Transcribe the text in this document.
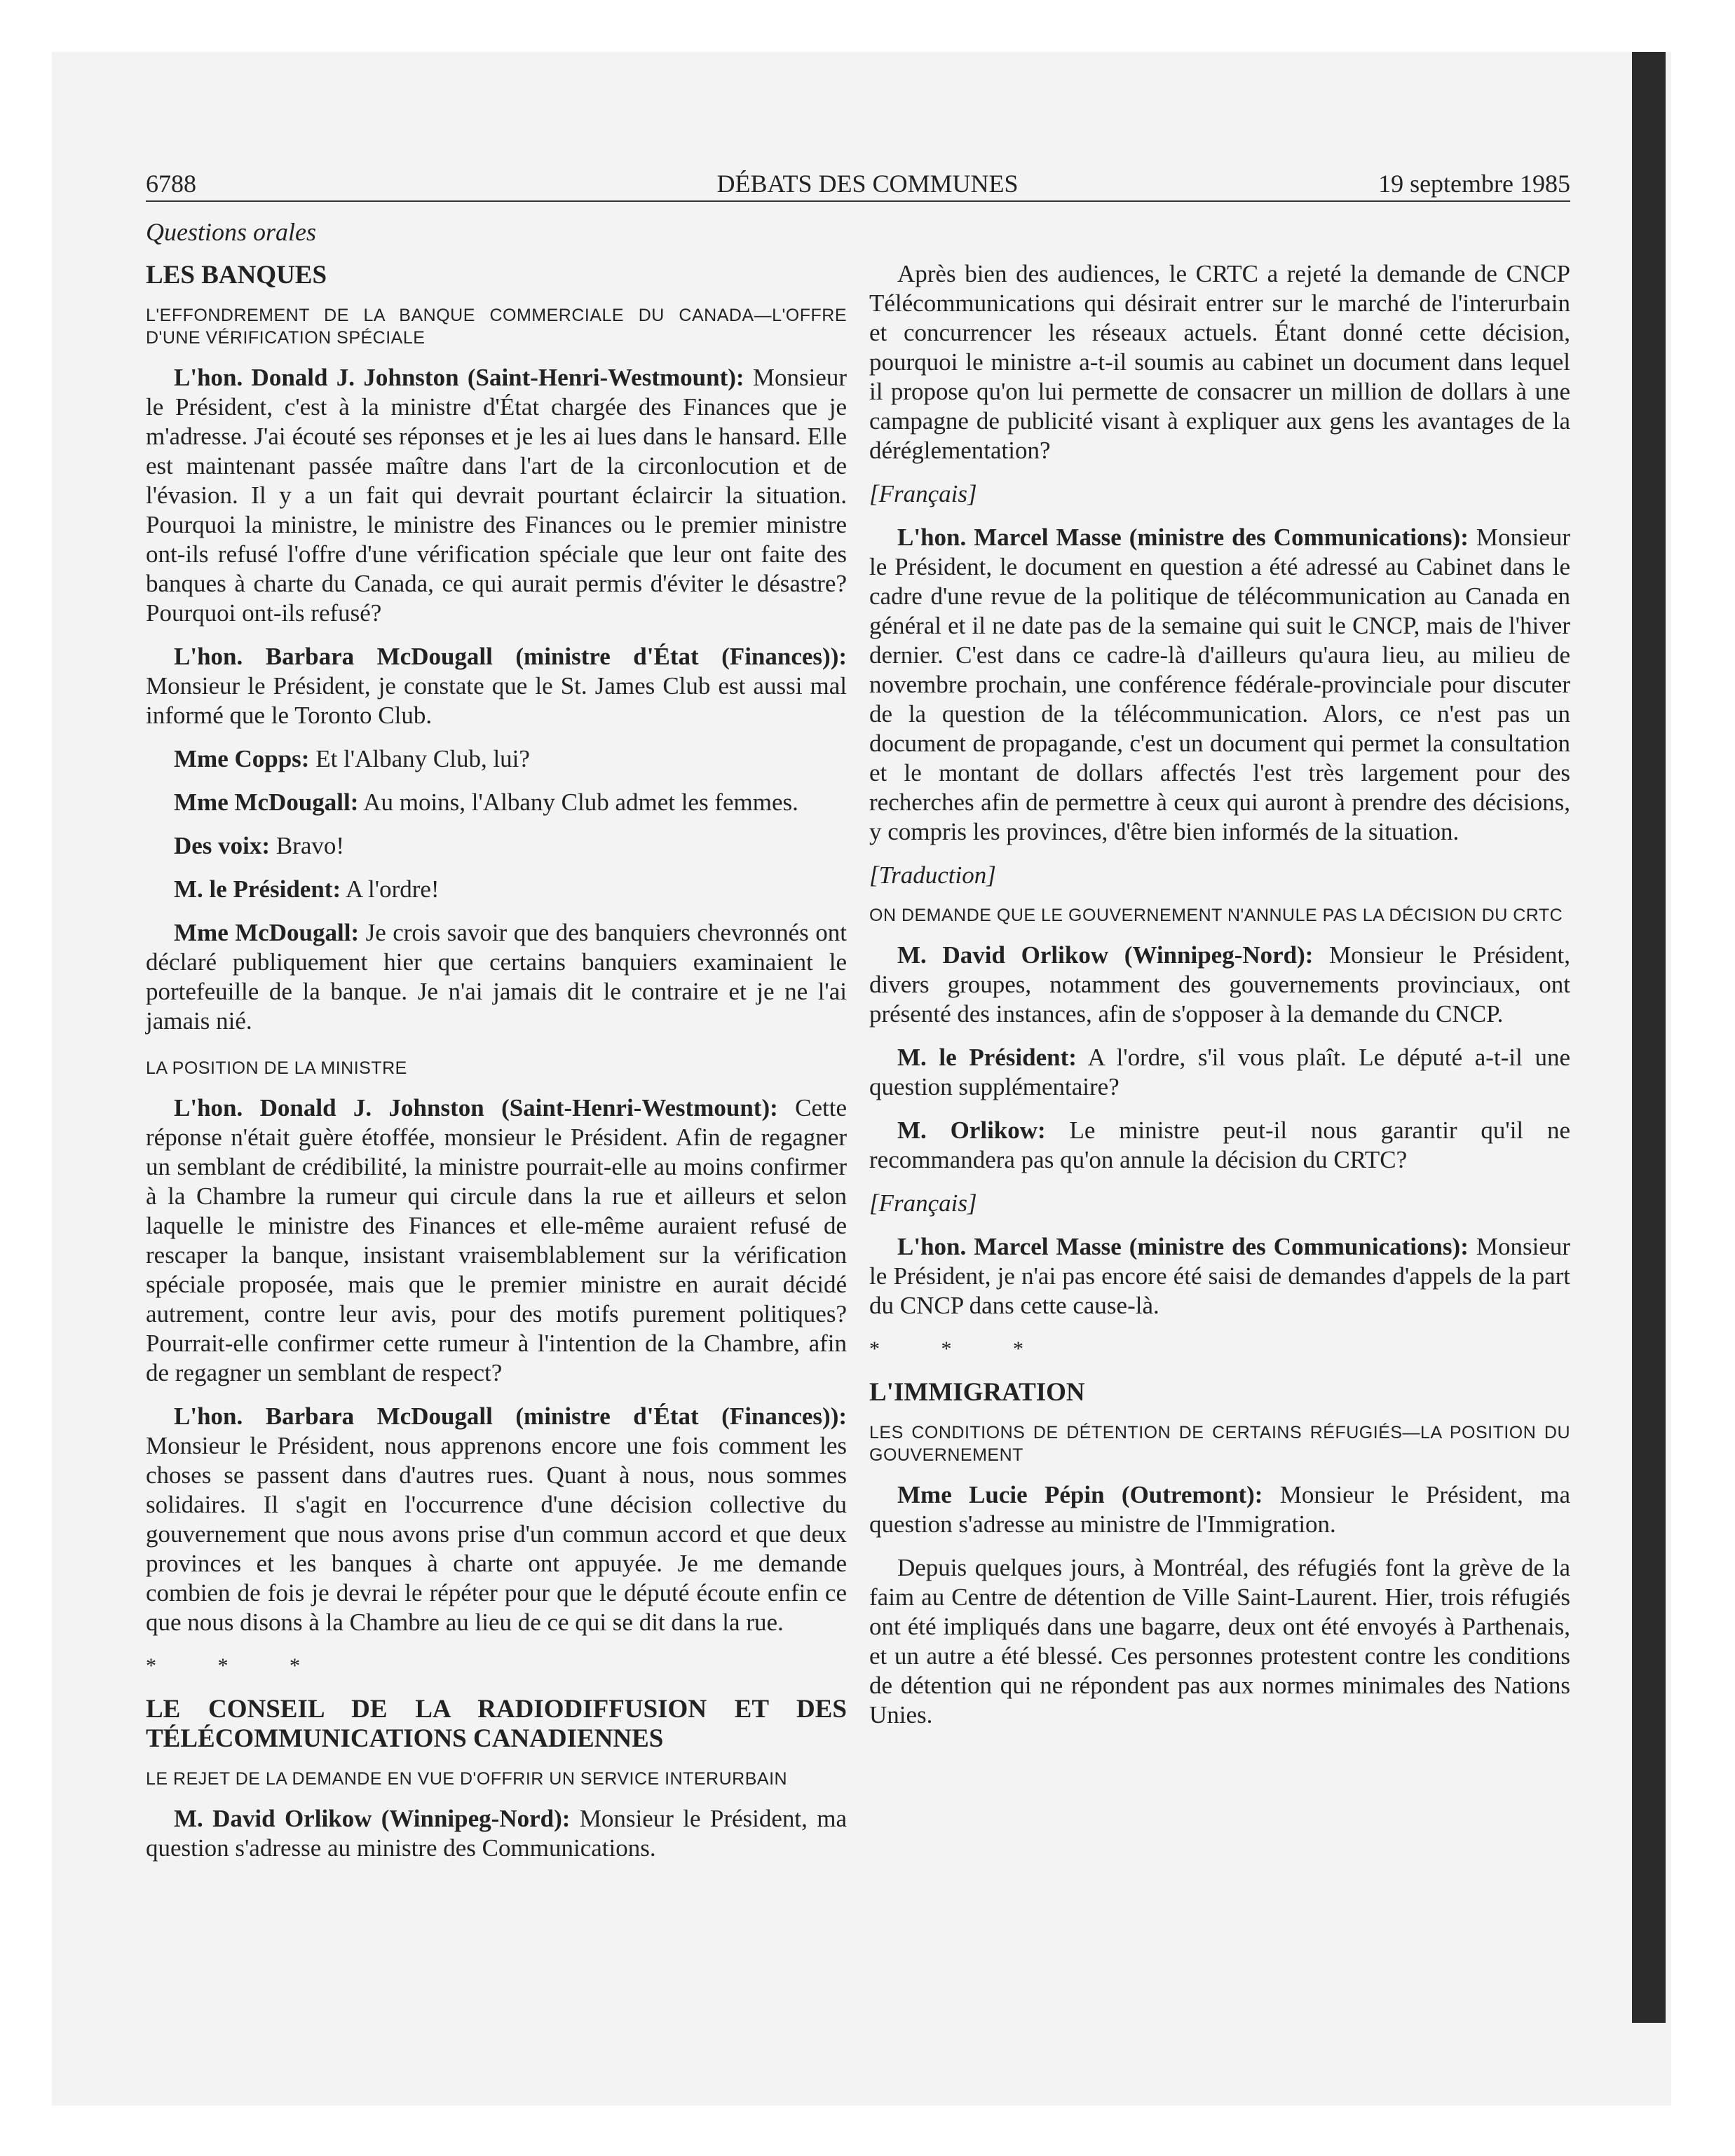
6788	DÉBATS DES COMMUNES	19 septembre 1985

Questions orales

LES BANQUES

L'EFFONDREMENT DE LA BANQUE COMMERCIALE DU CANADA—L'OFFRE D'UNE VÉRIFICATION SPÉCIALE

L'hon. Donald J. Johnston (Saint-Henri-Westmount): Monsieur le Président, c'est à la ministre d'État chargée des Finances que je m'adresse. J'ai écouté ses réponses et je les ai lues dans le hansard. Elle est maintenant passée maître dans l'art de la circonlocution et de l'évasion. Il y a un fait qui devrait pourtant éclaircir la situation. Pourquoi la ministre, le ministre des Finances ou le premier ministre ont-ils refusé l'offre d'une vérification spéciale que leur ont faite des banques à charte du Canada, ce qui aurait permis d'éviter le désastre? Pourquoi ont-ils refusé?

L'hon. Barbara McDougall (ministre d'État (Finances)): Monsieur le Président, je constate que le St. James Club est aussi mal informé que le Toronto Club.

Mme Copps: Et l'Albany Club, lui?

Mme McDougall: Au moins, l'Albany Club admet les femmes.

Des voix: Bravo!

M. le Président: A l'ordre!

Mme McDougall: Je crois savoir que des banquiers chevronnés ont déclaré publiquement hier que certains banquiers examinaient le portefeuille de la banque. Je n'ai jamais dit le contraire et je ne l'ai jamais nié.

LA POSITION DE LA MINISTRE

L'hon. Donald J. Johnston (Saint-Henri-Westmount): Cette réponse n'était guère étoffée, monsieur le Président. Afin de regagner un semblant de crédibilité, la ministre pourrait-elle au moins confirmer à la Chambre la rumeur qui circule dans la rue et ailleurs et selon laquelle le ministre des Finances et elle-même auraient refusé de rescaper la banque, insistant vraisemblablement sur la vérification spéciale proposée, mais que le premier ministre en aurait décidé autrement, contre leur avis, pour des motifs purement politiques? Pourrait-elle confirmer cette rumeur à l'intention de la Chambre, afin de regagner un semblant de respect?

L'hon. Barbara McDougall (ministre d'État (Finances)): Monsieur le Président, nous apprenons encore une fois comment les choses se passent dans d'autres rues. Quant à nous, nous sommes solidaires. Il s'agit en l'occurrence d'une décision collective du gouvernement que nous avons prise d'un commun accord et que deux provinces et les banques à charte ont appuyée. Je me demande combien de fois je devrai le répéter pour que le député écoute enfin ce que nous disons à la Chambre au lieu de ce qui se dit dans la rue.

* * *

LE CONSEIL DE LA RADIODIFFUSION ET DES TÉLÉCOMMUNICATIONS CANADIENNES

LE REJET DE LA DEMANDE EN VUE D'OFFRIR UN SERVICE INTERURBAIN

M. David Orlikow (Winnipeg-Nord): Monsieur le Président, ma question s'adresse au ministre des Communications.

Après bien des audiences, le CRTC a rejeté la demande de CNCP Télécommunications qui désirait entrer sur le marché de l'interurbain et concurrencer les réseaux actuels. Étant donné cette décision, pourquoi le ministre a-t-il soumis au cabinet un document dans lequel il propose qu'on lui permette de consacrer un million de dollars à une campagne de publicité visant à expliquer aux gens les avantages de la déréglementation?

[Français]

L'hon. Marcel Masse (ministre des Communications): Monsieur le Président, le document en question a été adressé au Cabinet dans le cadre d'une revue de la politique de télécommunication au Canada en général et il ne date pas de la semaine qui suit le CNCP, mais de l'hiver dernier. C'est dans ce cadre-là d'ailleurs qu'aura lieu, au milieu de novembre prochain, une conférence fédérale-provinciale pour discuter de la question de la télécommunication. Alors, ce n'est pas un document de propagande, c'est un document qui permet la consultation et le montant de dollars affectés l'est très largement pour des recherches afin de permettre à ceux qui auront à prendre des décisions, y compris les provinces, d'être bien informés de la situation.

[Traduction]

ON DEMANDE QUE LE GOUVERNEMENT N'ANNULE PAS LA DÉCISION DU CRTC

M. David Orlikow (Winnipeg-Nord): Monsieur le Président, divers groupes, notamment des gouvernements provinciaux, ont présenté des instances, afin de s'opposer à la demande du CNCP.

M. le Président: A l'ordre, s'il vous plaît. Le député a-t-il une question supplémentaire?

M. Orlikow: Le ministre peut-il nous garantir qu'il ne recommandera pas qu'on annule la décision du CRTC?

[Français]

L'hon. Marcel Masse (ministre des Communications): Monsieur le Président, je n'ai pas encore été saisi de demandes d'appels de la part du CNCP dans cette cause-là.

* * *

L'IMMIGRATION

LES CONDITIONS DE DÉTENTION DE CERTAINS RÉFUGIÉS—LA POSITION DU GOUVERNEMENT

Mme Lucie Pépin (Outremont): Monsieur le Président, ma question s'adresse au ministre de l'Immigration.

Depuis quelques jours, à Montréal, des réfugiés font la grève de la faim au Centre de détention de Ville Saint-Laurent. Hier, trois réfugiés ont été impliqués dans une bagarre, deux ont été envoyés à Parthenais, et un autre a été blessé. Ces personnes protestent contre les conditions de détention qui ne répondent pas aux normes minimales des Nations Unies.
